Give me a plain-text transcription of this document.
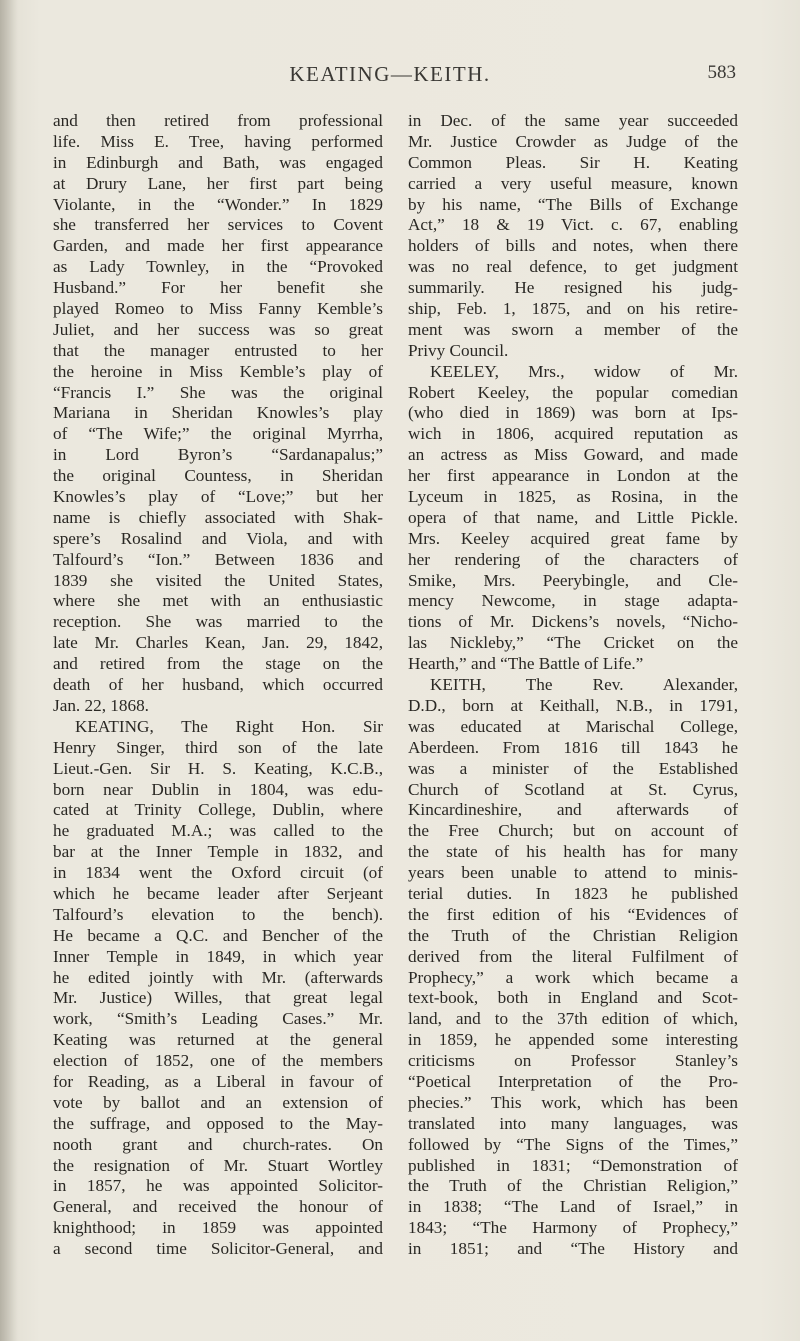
KEATING—KEITH.	583
and then retired from professional
life. Miss E. Tree, having performed
in Edinburgh and Bath, was engaged
at Drury Lane, her first part being
Violante, in the “Wonder.” In 1829
she transferred her services to Covent
Garden, and made her first appearance
as Lady Townley, in the “Provoked
Husband.” For her benefit she
played Romeo to Miss Fanny Kemble’s
Juliet, and her success was so great
that the manager entrusted to her
the heroine in Miss Kemble’s play of
“Francis I.” She was the original
Mariana in Sheridan Knowles’s play
of “The Wife;” the original Myrrha,
in Lord Byron’s “Sardanapalus;”
the original Countess, in Sheridan
Knowles’s play of “Love;” but her
name is chiefly associated with Shak-
spere’s Rosalind and Viola, and with
Talfourd’s “Ion.” Between 1836 and
1839 she visited the United States,
where she met with an enthusiastic
reception. She was married to the
late Mr. Charles Kean, Jan. 29, 1842,
and retired from the stage on the
death of her husband, which occurred
Jan. 22, 1868.
KEATING, The Right Hon. Sir
Henry Singer, third son of the late
Lieut.-Gen. Sir H. S. Keating, K.C.B.,
born near Dublin in 1804, was edu-
cated at Trinity College, Dublin, where
he graduated M.A.; was called to the
bar at the Inner Temple in 1832, and
in 1834 went the Oxford circuit (of
which he became leader after Serjeant
Talfourd’s elevation to the bench).
He became a Q.C. and Bencher of the
Inner Temple in 1849, in which year
he edited jointly with Mr. (afterwards
Mr. Justice) Willes, that great legal
work, “Smith’s Leading Cases.” Mr.
Keating was returned at the general
election of 1852, one of the members
for Reading, as a Liberal in favour of
vote by ballot and an extension of
the suffrage, and opposed to the May-
nooth grant and church-rates. On
the resignation of Mr. Stuart Wortley
in 1857, he was appointed Solicitor-
General, and received the honour of
knighthood; in 1859 was appointed
a second time Solicitor-General, and
in Dec. of the same year succeeded
Mr. Justice Crowder as Judge of the
Common Pleas. Sir H. Keating
carried a very useful measure, known
by his name, “The Bills of Exchange
Act,” 18 & 19 Vict. c. 67, enabling
holders of bills and notes, when there
was no real defence, to get judgment
summarily. He resigned his judg-
ship, Feb. 1, 1875, and on his retire-
ment was sworn a member of the
Privy Council.
KEELEY, Mrs., widow of Mr.
Robert Keeley, the popular comedian
(who died in 1869) was born at Ips-
wich in 1806, acquired reputation as
an actress as Miss Goward, and made
her first appearance in London at the
Lyceum in 1825, as Rosina, in the
opera of that name, and Little Pickle.
Mrs. Keeley acquired great fame by
her rendering of the characters of
Smike, Mrs. Peerybingle, and Cle-
mency Newcome, in stage adapta-
tions of Mr. Dickens’s novels, “Nicho-
las Nickleby,” “The Cricket on the
Hearth,” and “The Battle of Life.”
KEITH, The Rev. Alexander,
D.D., born at Keithall, N.B., in 1791,
was educated at Marischal College,
Aberdeen. From 1816 till 1843 he
was a minister of the Established
Church of Scotland at St. Cyrus,
Kincardineshire, and afterwards of
the Free Church; but on account of
the state of his health has for many
years been unable to attend to minis-
terial duties. In 1823 he published
the first edition of his “Evidences of
the Truth of the Christian Religion
derived from the literal Fulfilment of
Prophecy,” a work which became a
text-book, both in England and Scot-
land, and to the 37th edition of which,
in 1859, he appended some interesting
criticisms on Professor Stanley’s
“Poetical Interpretation of the Pro-
phecies.” This work, which has been
translated into many languages, was
followed by “The Signs of the Times,”
published in 1831; “Demonstration of
the Truth of the Christian Religion,”
in 1838; “The Land of Israel,” in
1843; “The Harmony of Prophecy,”
in 1851; and “The History and
